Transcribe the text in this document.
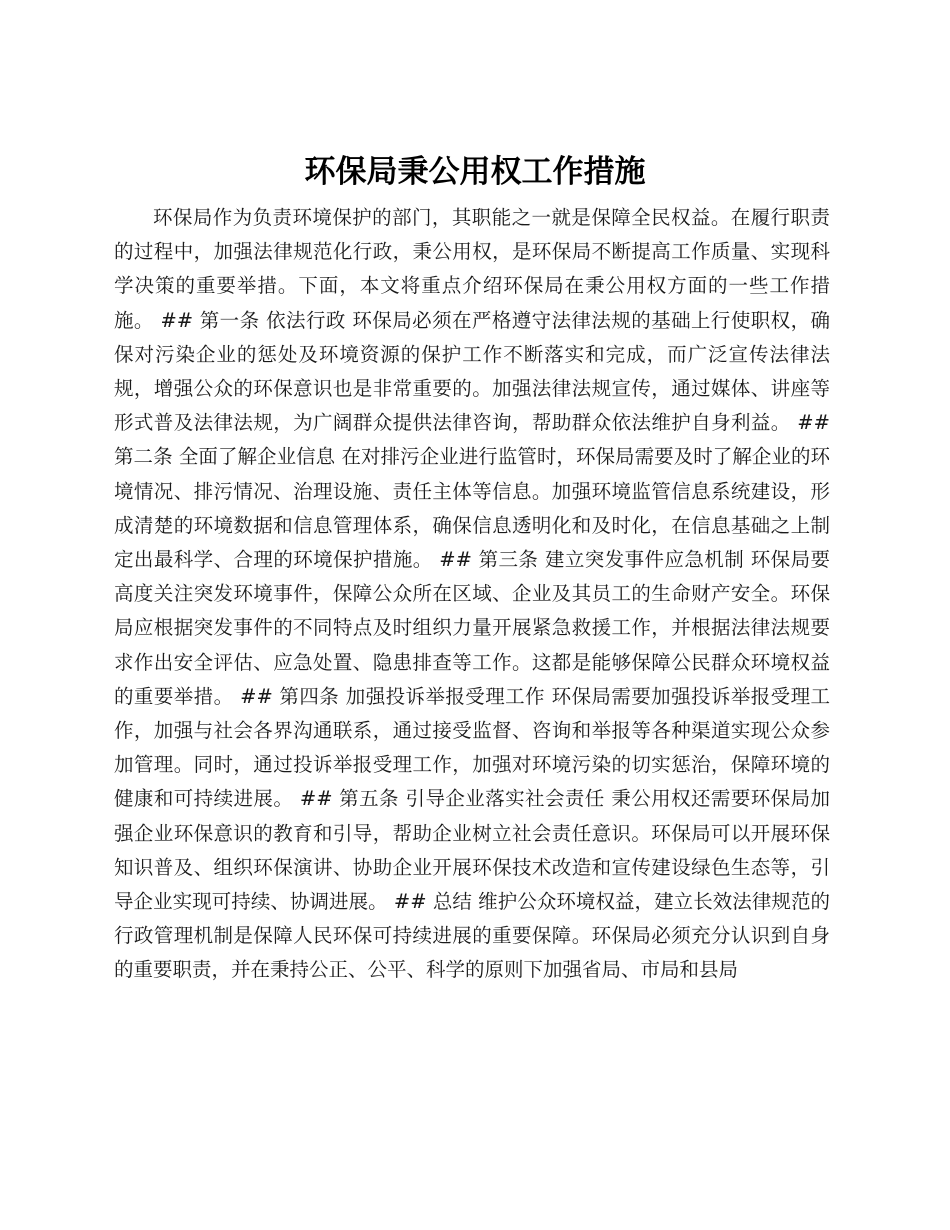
环保局秉公用权工作措施

环保局作为负责环境保护的部门，其职能之一就是保障全民权益。在履行职责的过程中，加强法律规范化行政，秉公用权，是环保局不断提高工作质量、实现科学决策的重要举措。下面，本文将重点介绍环保局在秉公用权方面的一些工作措施。 ## 第一条 依法行政 环保局必须在严格遵守法律法规的基础上行使职权，确保对污染企业的惩处及环境资源的保护工作不断落实和完成，而广泛宣传法律法规，增强公众的环保意识也是非常重要的。加强法律法规宣传，通过媒体、讲座等形式普及法律法规，为广阔群众提供法律咨询，帮助群众依法维护自身利益。 ## 第二条 全面了解企业信息 在对排污企业进行监管时，环保局需要及时了解企业的环境情况、排污情况、治理设施、责任主体等信息。加强环境监管信息系统建设，形成清楚的环境数据和信息管理体系，确保信息透明化和及时化，在信息基础之上制定出最科学、合理的环境保护措施。 ## 第三条 建立突发事件应急机制 环保局要高度关注突发环境事件，保障公众所在区域、企业及其员工的生命财产安全。环保局应根据突发事件的不同特点及时组织力量开展紧急救援工作，并根据法律法规要求作出安全评估、应急处置、隐患排查等工作。这都是能够保障公民群众环境权益的重要举措。 ## 第四条 加强投诉举报受理工作 环保局需要加强投诉举报受理工作，加强与社会各界沟通联系，通过接受监督、咨询和举报等各种渠道实现公众参加管理。同时，通过投诉举报受理工作，加强对环境污染的切实惩治，保障环境的健康和可持续进展。 ## 第五条 引导企业落实社会责任 秉公用权还需要环保局加强企业环保意识的教育和引导，帮助企业树立社会责任意识。环保局可以开展环保知识普及、组织环保演讲、协助企业开展环保技术改造和宣传建设绿色生态等，引导企业实现可持续、协调进展。 ## 总结 维护公众环境权益，建立长效法律规范的行政管理机制是保障人民环保可持续进展的重要保障。环保局必须充分认识到自身的重要职责，并在秉持公正、公平、科学的原则下加强省局、市局和县局
